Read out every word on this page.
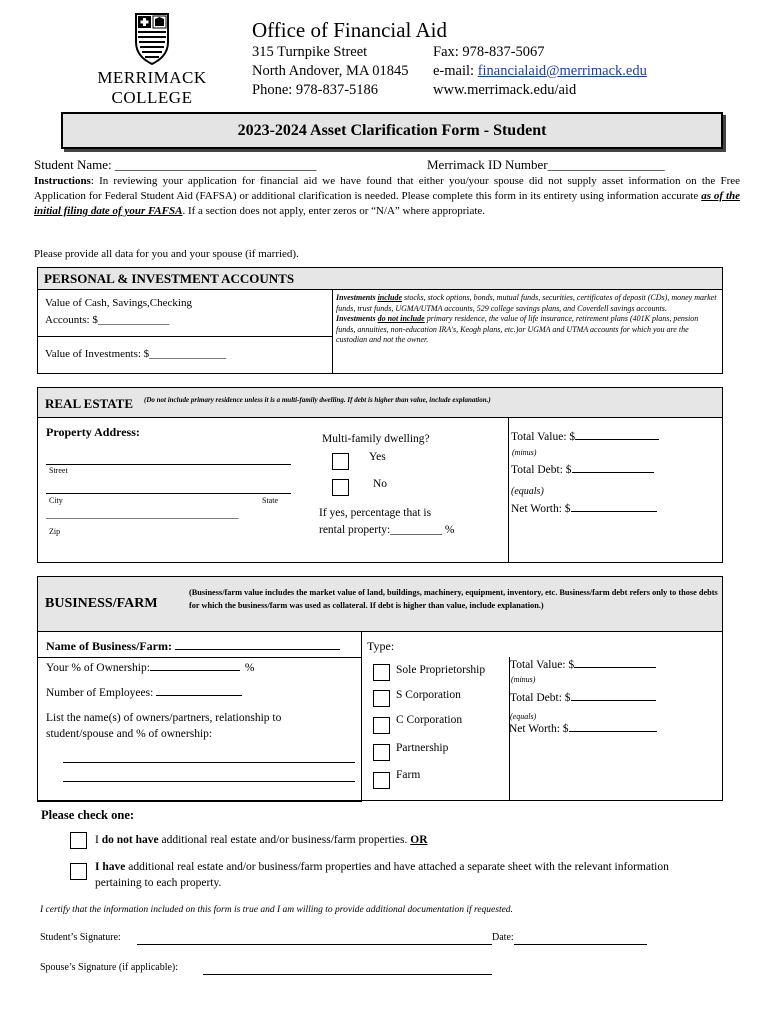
MERRIMACK
COLLEGE
Office of Financial Aid
315 Turnpike Street
North Andover, MA 01845
Phone: 978-837-5186
Fax: 978-837-5067
e-mail: financialaid@merrimack.edu
www.merrimack.edu/aid
2023-2024 Asset Clarification Form - Student
Student Name: _______________________________	Merrimack ID Number__________________
Instructions: In reviewing your application for financial aid we have found that either you/your spouse did not supply asset information on the Free Application for Federal Student Aid (FAFSA) or additional clarification is needed. Please complete this form in its entirety using information accurate as of the initial filing date of your FAFSA. If a section does not apply, enter zeros or “N/A” where appropriate.
Please provide all data for you and your spouse (if married).
PERSONAL & INVESTMENT ACCOUNTS
Value of Cash, Savings,Checking
Accounts: $_____________
Value of Investments: $______________
Investments include stocks, stock options, bonds, mutual funds, securities, certificates of deposit (CDs), money market funds, trust funds, UGMA/UTMA accounts, 529 college savings plans, and Coverdell savings accounts.
Investments do not include primary residence, the value of life insurance, retirement plans (401K plans, pension funds, annuities, non-education IRA's, Keogh plans, etc.)or UGMA and UTMA accounts for which you are the custodian and not the owner.
REAL ESTATE (Do not include primary residence unless it is a multi-family dwelling. If debt is higher than value, include explanation.)
Property Address:
Street
City	State
___________________________________
Zip
Multi-family dwelling?
Yes
No
If yes, percentage that is
rental property:_________ %
Total Value: $
(minus)
Total Debt: $
(equals)
Net Worth: $
BUSINESS/FARM
(Business/farm value includes the market value of land, buildings, machinery, equipment, inventory, etc. Business/farm debt refers only to those debts for which the business/farm was used as collateral. If debt is higher than value, include explanation.)
Name of Business/Farm:
Your % of Ownership:	%
Number of Employees:
List the name(s) of owners/partners, relationship to
student/spouse and % of ownership:
Type:
Sole Proprietorship
S Corporation
C Corporation
Partnership
Farm
Total Value: $
(minus)
Total Debt: $
(equals)
Net Worth: $
Please check one:
I do not have additional real estate and/or business/farm properties. OR
I have additional real estate and/or business/farm properties and have attached a separate sheet with the relevant information pertaining to each property.
I certify that the information included on this form is true and I am willing to provide additional documentation if requested.
Student’s Signature:	Date:
Spouse’s Signature (if applicable):
